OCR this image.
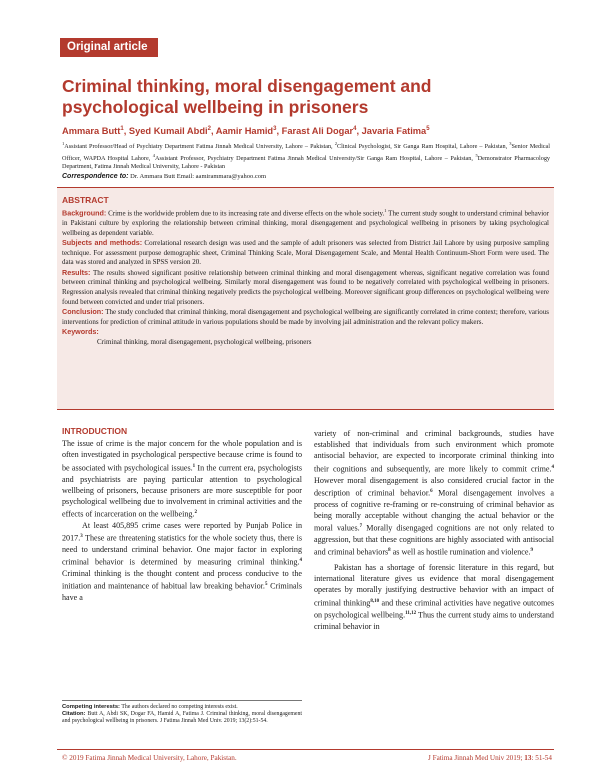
Original article
Criminal thinking, moral disengagement and psychological wellbeing in prisoners
Ammara Butt$^1$, Syed Kumail Abdi$^2$, Aamir Hamid$^3$, Farast Ali Dogar$^4$, Javaria Fatima$^5$
$^1$Assistant Professor/Head of Psychiatry Department Fatima Jinnah Medical University, Lahore – Pakistan, $^2$Clinical Psychologist, Sir Ganga Ram Hospital, Lahore – Pakistan, $^3$Senior Medical Officer, WAPDA Hospital Lahore, $^4$Assistant Professor, Psychiatry Department Fatima Jinnah Medical University/Sir Ganga Ram Hospital, Lahore – Pakistan, $^5$Demonstrator Pharmacology Department, Fatima Jinnah Medical University, Lahore - Pakistan
Correspondence to: Dr. Ammara Butt Email: aamirammara@yahoo.com
ABSTRACT

Background: Crime is the worldwide problem due to its increasing rate and diverse effects on the whole society.$^1$ The current study sought to understand criminal behavior in Pakistani culture by exploring the relationship between criminal thinking, moral disengagement and psychological wellbeing in prisoners by taking psychological wellbeing as dependent variable.

Subjects and methods: Correlational research design was used and the sample of adult prisoners was selected from District Jail Lahore by using purposive sampling technique. For assessment purpose demographic sheet, Criminal Thinking Scale, Moral Disengagement Scale, and Mental Health Continuum-Short Form were used. The data was stored and analyzed in SPSS version 20.

Results: The results showed significant positive relationship between criminal thinking and moral disengagement whereas, significant negative correlation was found between criminal thinking and psychological wellbeing. Similarly moral disengagement was found to be negatively correlated with psychological wellbeing in prisoners. Regression analysis revealed that criminal thinking negatively predicts the psychological wellbeing. Moreover significant group differences on psychological wellbeing were found between convicted and under trial prisoners.

Conclusion: The study concluded that criminal thinking, moral disengagement and psychological wellbeing are significantly correlated in crime context; therefore, various interventions for prediction of criminal attitude in various populations should be made by involving jail administration and the relevant policy makers.

Keywords:

Criminal thinking, moral disengagement, psychological wellbeing, prisoners

INTRODUCTION

The issue of crime is the major concern for the whole population and is often investigated in psychological perspective because crime is found to be associated with psychological issues.$^1$ In the current era, psychologists and psychiatrists are paying particular attention to psychological wellbeing of prisoners, because prisoners are more susceptible for poor psychological wellbeing due to involvement in criminal activities and the effects of incarceration on the wellbeing.$^2$

At least 405,895 crime cases were reported by Punjab Police in 2017.$^3$ These are threatening statistics for the whole society thus, there is need to understand criminal behavior. One major factor in exploring criminal behavior is determined by measuring criminal thinking.$^4$ Criminal thinking is the thought content and process conducive to the initiation and maintenance of habitual law breaking behavior.$^5$ Criminals have a

variety of non-criminal and criminal backgrounds, studies have established that individuals from such environment which promote antisocial behavior, are expected to incorporate criminal thinking into their cognitions and subsequently, are more likely to commit crime.$^4$ However moral disengagement is also considered crucial factor in the description of criminal behavior.$^6$ Moral disengagement involves a process of cognitive re-framing or re-construing of criminal behavior as being morally acceptable without changing the actual behavior or the moral values.$^7$ Morally disengaged cognitions are not only related to aggression, but that these cognitions are highly associated with antisocial and criminal behaviors$^8$ as well as hostile rumination and violence.$^9$

Pakistan has a shortage of forensic literature in this regard, but international literature gives us evidence that moral disengagement operates by morally justifying destructive behavior with an impact of criminal thinking$^{8,10}$ and these criminal activities have negative outcomes on psychological wellbeing.$^{11,12}$ Thus the current study aims to understand criminal behavior in

Competing interests: The authors declared no competing interests exist.
Citation: Butt A, Abdi SK, Dogar FA, Hamid A, Fatima J. Criminal thinking, moral disengagement and psychological wellbeing in prisoners. J Fatima Jinnah Med Univ. 2019; 13(2):51-54.
© 2019 Fatima Jinnah Medical University, Lahore, Pakistan.	J Fatima Jinnah Med Univ 2019; 13: 51-54
